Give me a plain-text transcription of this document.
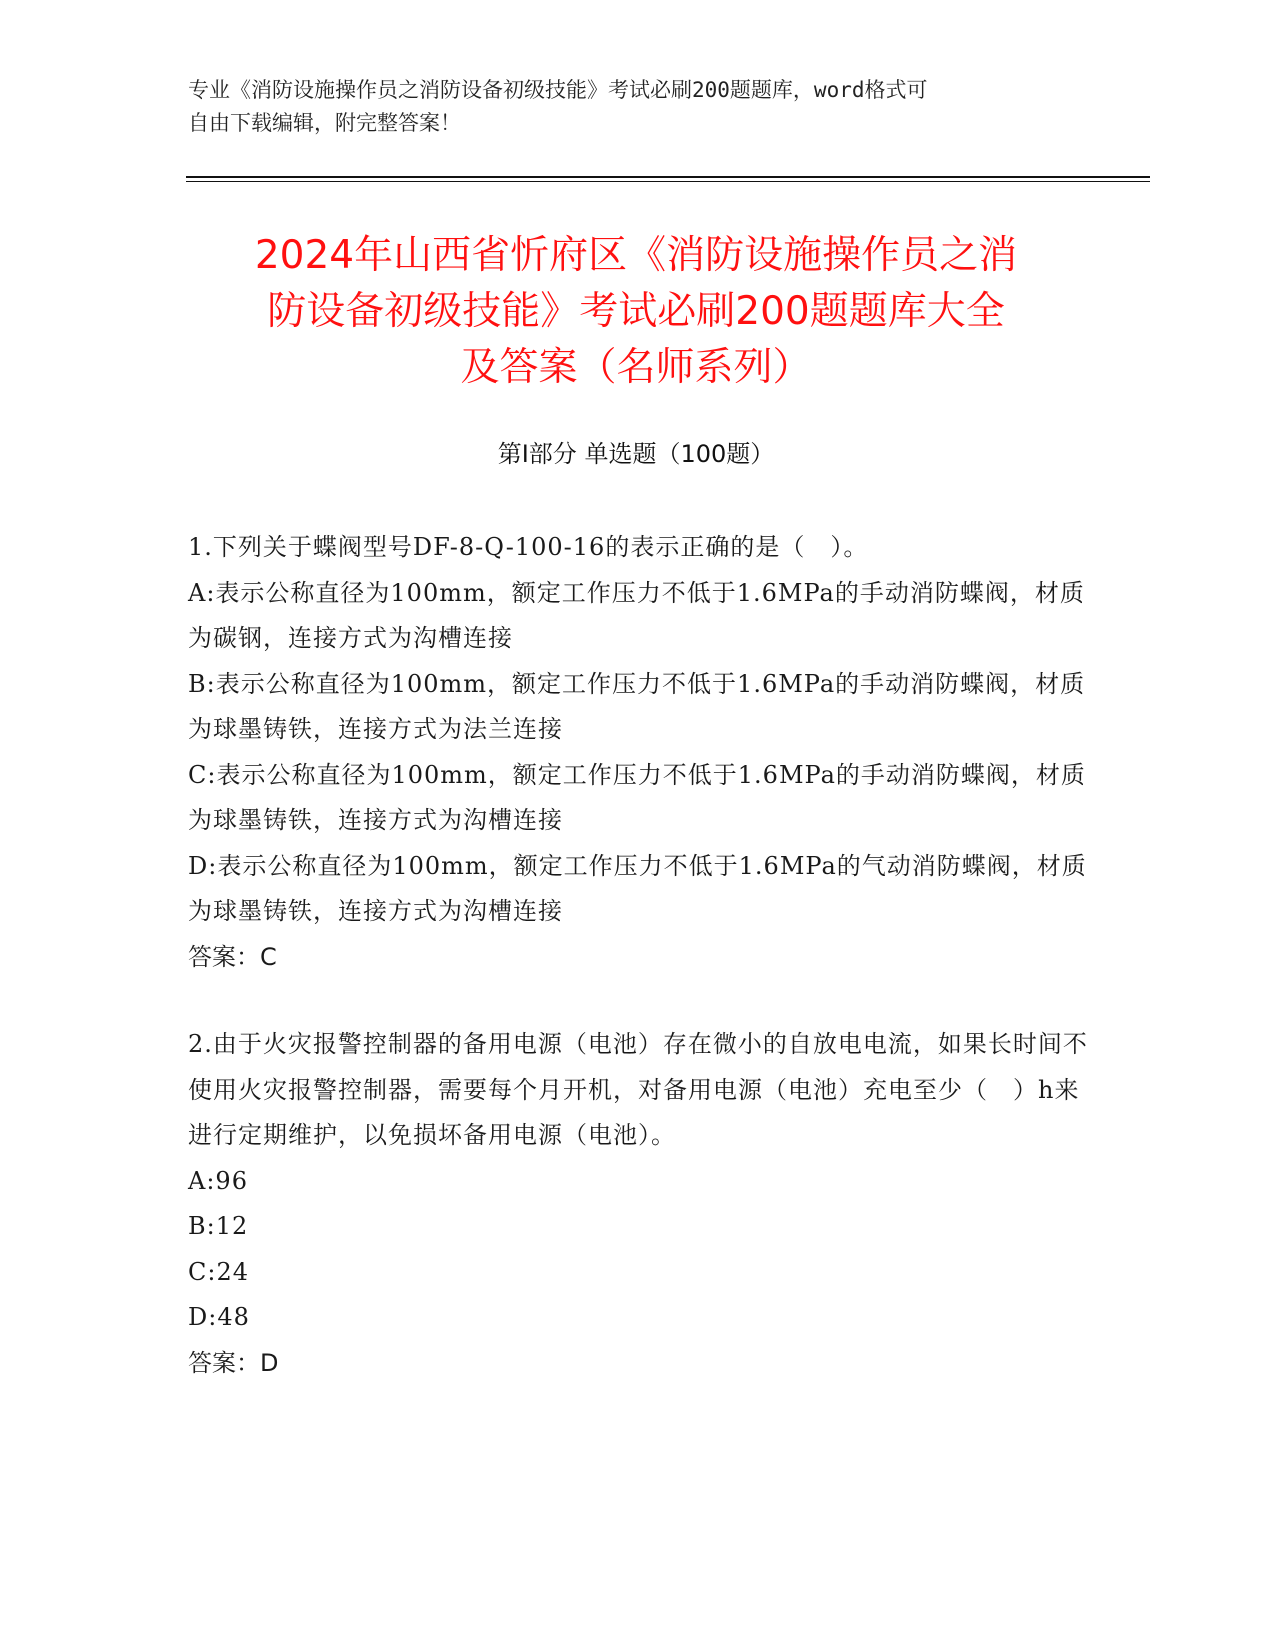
专业《消防设施操作员之消防设备初级技能》考试必刷200题题库，word格式可
自由下载编辑，附完整答案！
2024年山西省忻府区《消防设施操作员之消
防设备初级技能》考试必刷200题题库大全
及答案（名师系列）
第Ⅰ部分 单选题（100题）

1.下列关于蝶阀型号DF-8-Q-100-16的表示正确的是（　）。

A:表示公称直径为100mm，额定工作压力不低于1.6MPa的手动消防蝶阀，材质为碳钢，连接方式为沟槽连接

B:表示公称直径为100mm，额定工作压力不低于1.6MPa的手动消防蝶阀，材质为球墨铸铁，连接方式为法兰连接

C:表示公称直径为100mm，额定工作压力不低于1.6MPa的手动消防蝶阀，材质为球墨铸铁，连接方式为沟槽连接

D:表示公称直径为100mm，额定工作压力不低于1.6MPa的气动消防蝶阀，材质为球墨铸铁，连接方式为沟槽连接

答案：C

2.由于火灾报警控制器的备用电源（电池）存在微小的自放电电流，如果长时间不使用火灾报警控制器，需要每个月开机，对备用电源（电池）充电至少（　）h来进行定期维护，以免损坏备用电源（电池）。

A:96

B:12

C:24

D:48

答案：D
